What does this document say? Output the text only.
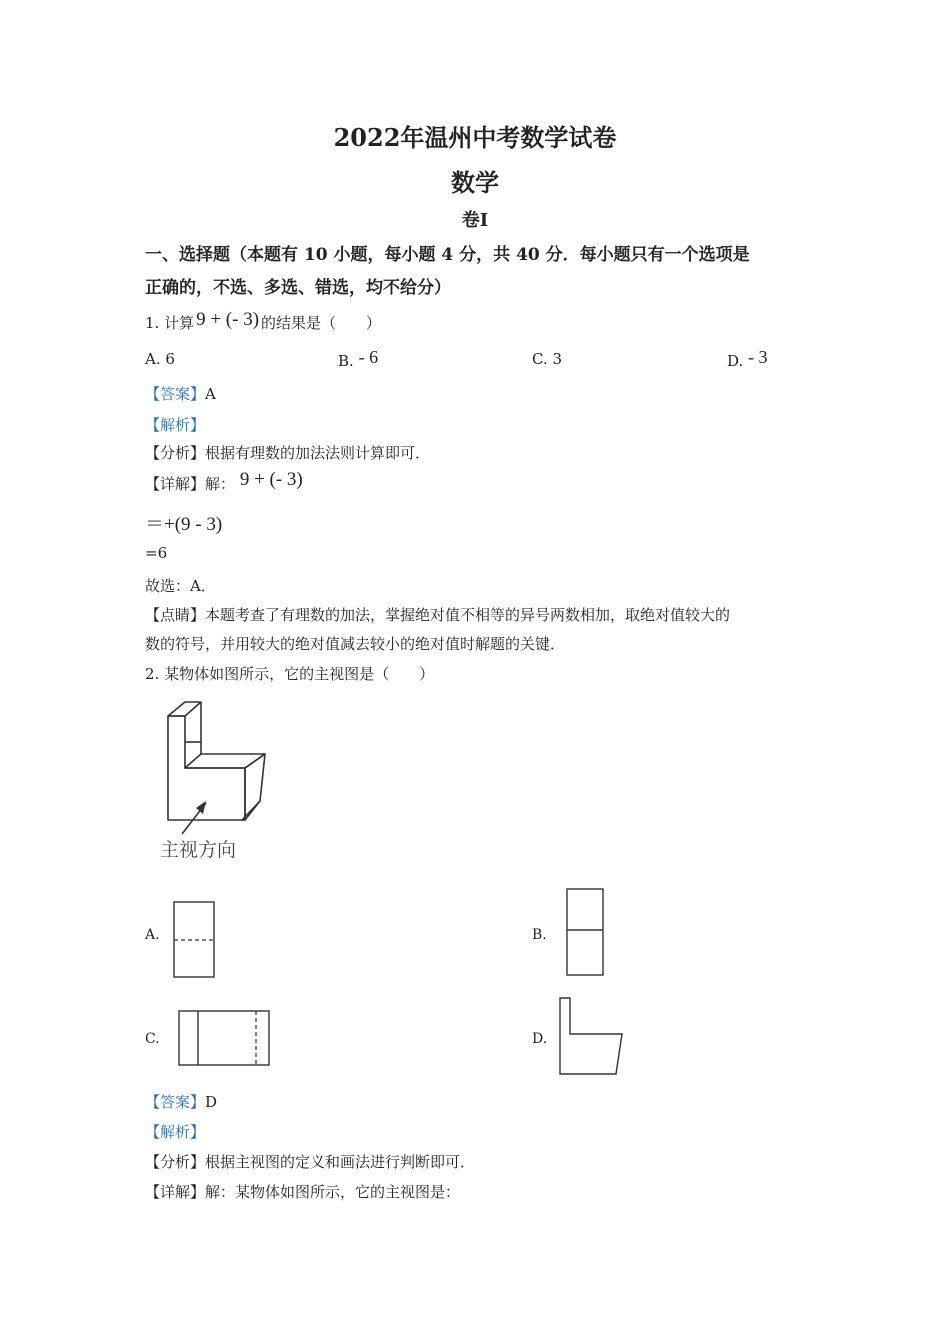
2022年温州中考数学试卷
数学
卷Ⅰ
一、选择题（本题有 10 小题，每小题 4 分，共 40 分．每小题只有一个选项是
正确的，不选、多选、错选，均不给分）
1. 计算 9 + (- 3) 的结果是（　　）
A. 6	B. - 6	C. 3	D. - 3
【答案】A
【解析】
【分析】根据有理数的加法法则计算即可．
【详解】解： 9 + (- 3)
＝+(9 - 3)
=6
故选：A．
【点睛】本题考查了有理数的加法，掌握绝对值不相等的异号两数相加，取绝对值较大的
数的符号，并用较大的绝对值减去较小的绝对值时解题的关键．
2. 某物体如图所示，它的主视图是（　　）
主视方向
A.	B.
C.	D.
【答案】D
【解析】
【分析】根据主视图的定义和画法进行判断即可．
【详解】解：某物体如图所示，它的主视图是：
